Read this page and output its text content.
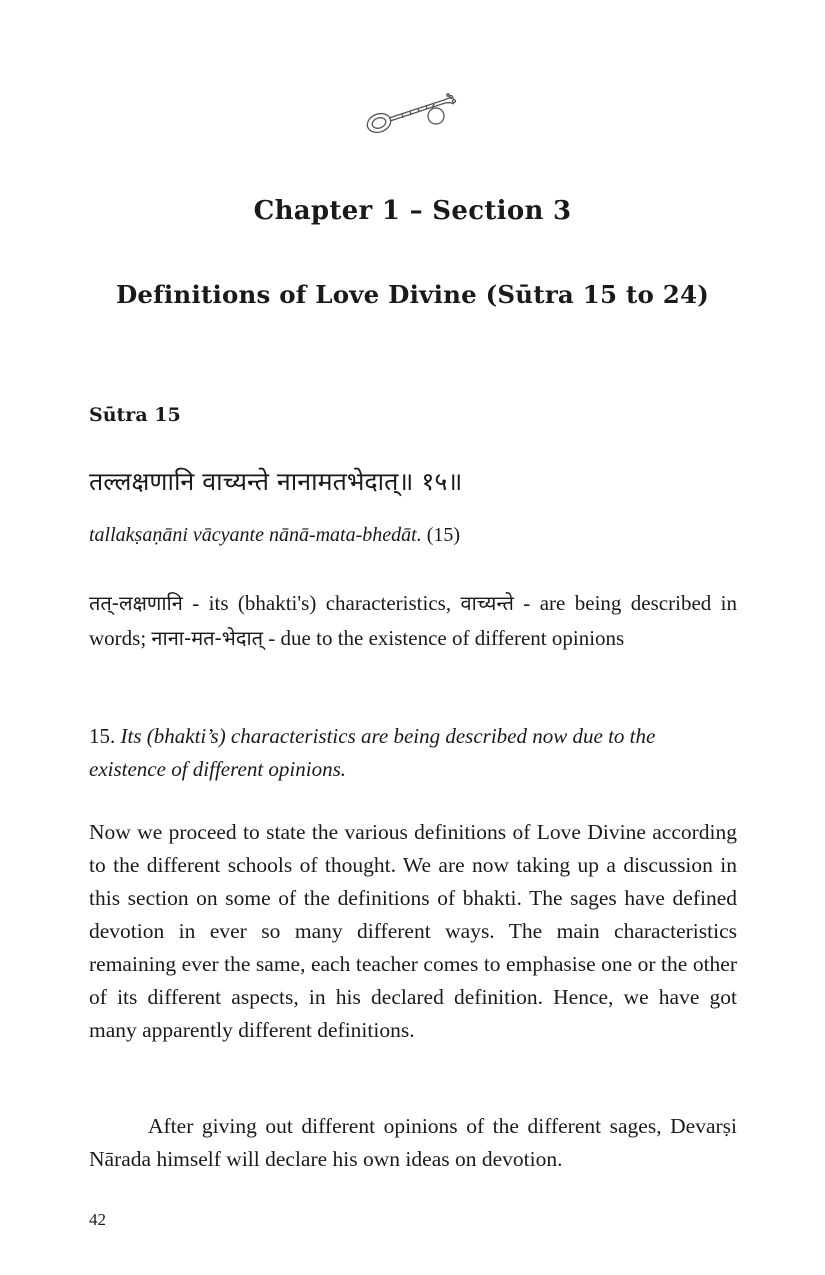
Chapter 1 – Section 3
Definitions of Love Divine (Sūtra 15 to 24)
Sūtra 15
तल्लक्षणानि वाच्यन्ते नानामतभेदात्॥ १५॥
tallakṣaṇāni vācyante nānā-mata-bhedāt. (15)
तत्-लक्षणानि - its (bhakti's) characteristics, वाच्यन्ते - are being described in words; नाना-मत-भेदात् - due to the existence of different opinions
15. Its (bhakti’s) characteristics are being described now due to the existence of different opinions.
Now we proceed to state the various definitions of Love Divine according to the different schools of thought. We are now taking up a discussion in this section on some of the definitions of bhakti. The sages have defined devotion in ever so many different ways. The main characteristics remaining ever the same, each teacher comes to emphasise one or the other of its different aspects, in his declared definition. Hence, we have got many apparently different definitions.
After giving out different opinions of the different sages, Devarṣi Nārada himself will declare his own ideas on devotion.
42
